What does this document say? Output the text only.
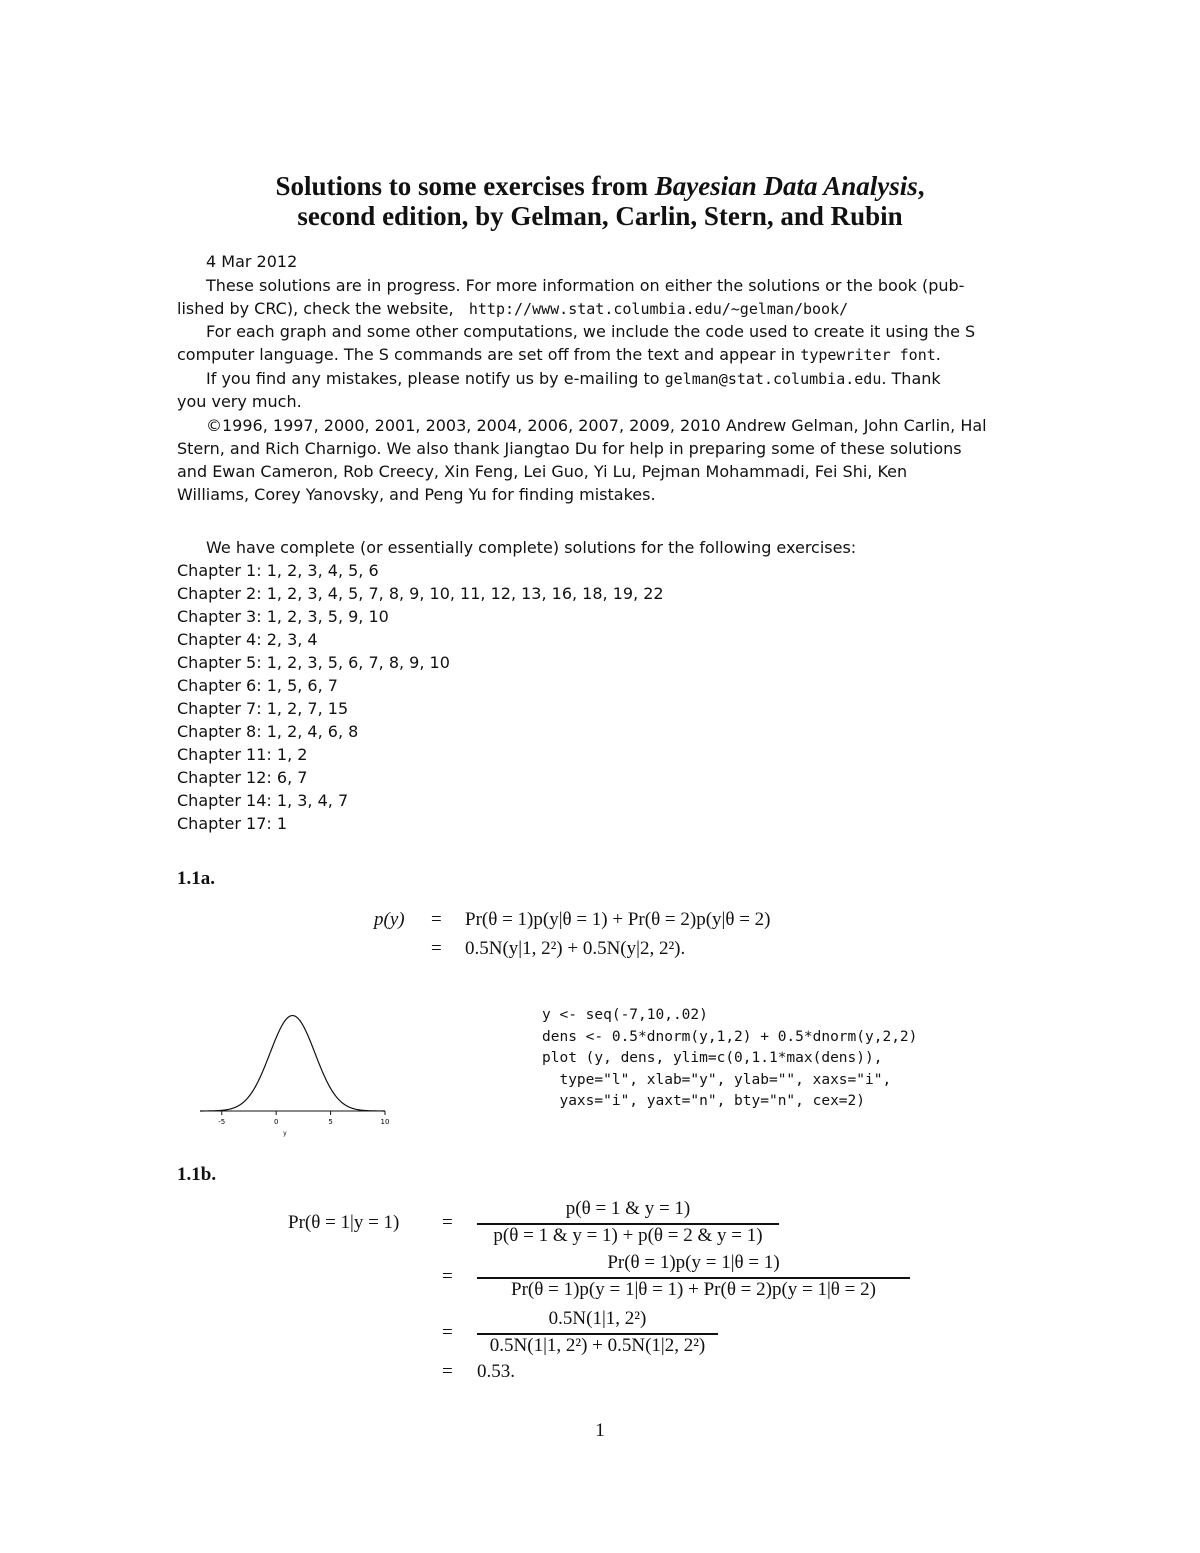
Solutions to some exercises from Bayesian Data Analysis,
second edition, by Gelman, Carlin, Stern, and Rubin
4 Mar 2012
These solutions are in progress. For more information on either the solutions or the book (pub-
lished by CRC), check the website, http://www.stat.columbia.edu/~gelman/book/
For each graph and some other computations, we include the code used to create it using the S
computer language. The S commands are set off from the text and appear in typewriter font.
If you find any mistakes, please notify us by e-mailing to gelman@stat.columbia.edu. Thank
you very much.
©1996, 1997, 2000, 2001, 2003, 2004, 2006, 2007, 2009, 2010 Andrew Gelman, John Carlin, Hal
Stern, and Rich Charnigo. We also thank Jiangtao Du for help in preparing some of these solutions
and Ewan Cameron, Rob Creecy, Xin Feng, Lei Guo, Yi Lu, Pejman Mohammadi, Fei Shi, Ken
Williams, Corey Yanovsky, and Peng Yu for finding mistakes.
We have complete (or essentially complete) solutions for the following exercises:
Chapter 1: 1, 2, 3, 4, 5, 6
Chapter 2: 1, 2, 3, 4, 5, 7, 8, 9, 10, 11, 12, 13, 16, 18, 19, 22
Chapter 3: 1, 2, 3, 5, 9, 10
Chapter 4: 2, 3, 4
Chapter 5: 1, 2, 3, 5, 6, 7, 8, 9, 10
Chapter 6: 1, 5, 6, 7
Chapter 7: 1, 2, 7, 15
Chapter 8: 1, 2, 4, 6, 8
Chapter 11: 1, 2
Chapter 12: 6, 7
Chapter 14: 1, 3, 4, 7
Chapter 17: 1
1.1a.
p(y) = Pr(θ = 1)p(y|θ = 1) + Pr(θ = 2)p(y|θ = 2)
= 0.5N(y|1, 2²) + 0.5N(y|2, 2²).
-5	0	5	10
y
y <- seq(-7,10,.02)
dens <- 0.5*dnorm(y,1,2) + 0.5*dnorm(y,2,2)
plot (y, dens, ylim=c(0,1.1*max(dens)),
type="l", xlab="y", ylab="", xaxs="i",
yaxs="i", yaxt="n", bty="n", cex=2)
1.1b.
Pr(θ = 1|y = 1) =
p(θ = 1 & y = 1)
p(θ = 1 & y = 1) + p(θ = 2 & y = 1)
=
Pr(θ = 1)p(y = 1|θ = 1)
Pr(θ = 1)p(y = 1|θ = 1) + Pr(θ = 2)p(y = 1|θ = 2)
=
0.5N(1|1, 2²)
0.5N(1|1, 2²) + 0.5N(1|2, 2²)
= 0.53.
1
